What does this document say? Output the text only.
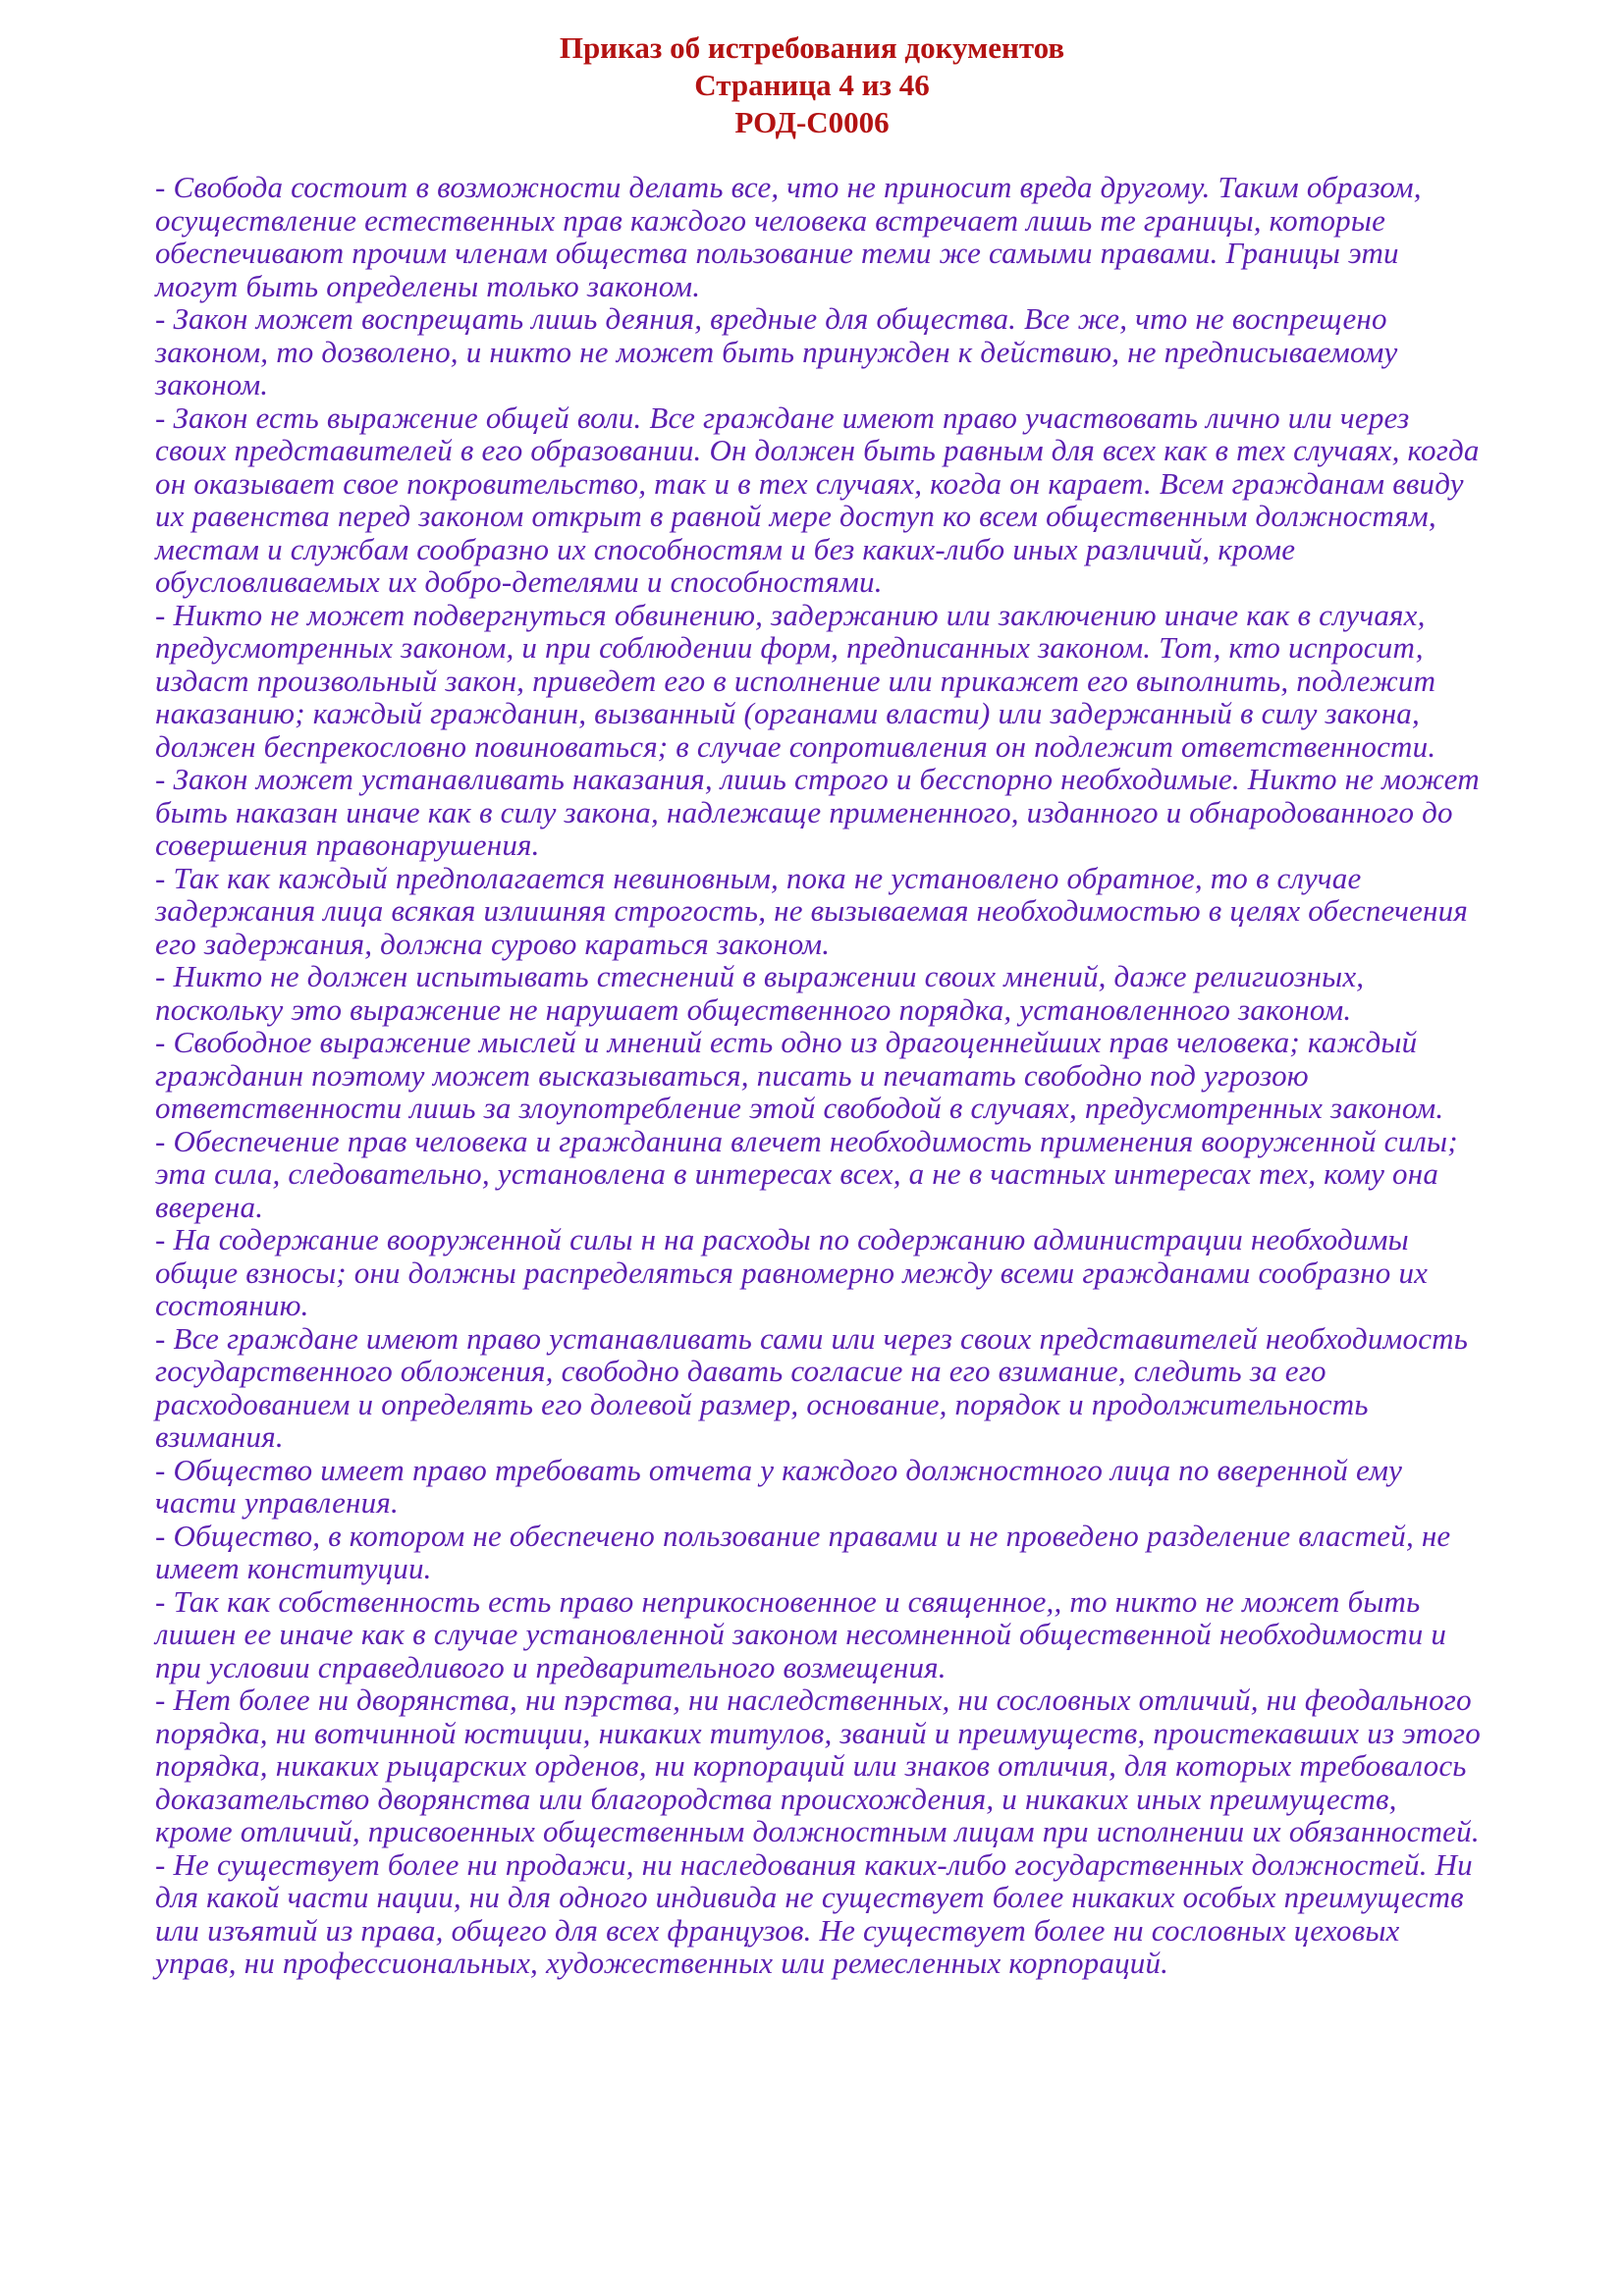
Приказ об истребования документов
Страница 4 из 46
РОД-С0006
- Свобода состоит в возможности делать все, что не приносит вреда другому. Таким образом, осуществление естественных прав каждого человека встречает лишь те границы, которые обеспечивают прочим членам общества пользование теми же самыми правами. Границы эти могут быть определены только законом.
- Закон может воспрещать лишь деяния, вредные для общества. Все же, что не воспрещено законом, то дозволено, и никто не может быть принужден к действию, не предписываемому законом.
- Закон есть выражение общей воли. Все граждане имеют право участвовать лично или через своих представителей в его образовании. Он должен быть равным для всех как в тех случаях, когда он оказывает свое покровительство, так и в тех случаях, когда он карает. Всем гражданам ввиду их равенства перед законом открыт в равной мере доступ ко всем общественным должностям, местам и службам сообразно их способностям и без каких-либо иных различий, кроме обусловливаемых их добро-детелями и способностями.
- Никто не может подвергнуться обвинению, задержанию или заключению иначе как в случаях, предусмотренных законом, и при соблюдении форм, предписанных законом. Тот, кто испросит, издаст произвольный закон, приведет его в исполнение или прикажет его выполнить, подлежит наказанию; каждый гражданин, вызванный (органами власти) или задержанный в силу закона, должен беспрекословно повиноваться; в случае сопротивления он подлежит ответственности.
- Закон может устанавливать наказания, лишь строго и бесспорно необходимые. Никто не может быть наказан иначе как в силу закона, надлежаще примененного, изданного и обнародованного до совершения правонарушения.
- Так как каждый предполагается невиновным, пока не установлено обратное, то в случае задержания лица всякая излишняя строгость, не вызываемая необходимостью в целях обеспечения его задержания, должна сурово караться законом.
- Никто не должен испытывать стеснений в выражении своих мнений, даже религиозных, поскольку это выражение не нарушает общественного порядка, установленного законом.
- Свободное выражение мыслей и мнений есть одно из драгоценнейших прав человека; каждый гражданин поэтому может высказываться, писать и печатать свободно под угрозою ответственности лишь за злоупотребление этой свободой в случаях, предусмотренных законом.
- Обеспечение прав человека и гражданина влечет необходимость применения вооруженной силы; эта сила, следовательно, установлена в интересах всех, а не в частных интересах тех, кому она вверена.
- На содержание вооруженной силы н на расходы по содержанию администрации необходимы общие взносы; они должны распределяться равномерно между всеми гражданами сообразно их состоянию.
- Все граждане имеют право устанавливать сами или через своих представителей необходимость государственного обложения, свободно давать согласие на его взимание, следить за его расходованием и определять его долевой размер, основание, порядок и продолжительность взимания.
- Общество имеет право требовать отчета у каждого должностного лица по вверенной ему части управления.
- Общество, в котором не обеспечено пользование правами и не проведено разделение властей, не имеет конституции.
- Так как собственность есть право неприкосновенное и священное,, то никто не может быть лишен ее иначе как в случае установленной законом несомненной общественной необходимости и при условии справедливого и предварительного возмещения.
- Нет более ни дворянства, ни пэрства, ни наследственных, ни сословных отличий, ни феодального порядка, ни вотчинной юстиции, никаких титулов, званий и преимуществ, проистекавших из этого порядка, никаких рыцарских орденов, ни корпораций или знаков отличия, для которых требовалось доказательство дворянства или благородства происхождения, и никаких иных преимуществ, кроме отличий, присвоенных общественным должностным лицам при исполнении их обязанностей.
- Не существует более ни продажи, ни наследования каких-либо государственных должностей. Ни для какой части нации, ни для одного индивида не существует более никаких особых преимуществ или изъятий из права, общего для всех французов. Не существует более ни сословных цеховых управ, ни профессиональных, художественных или ремесленных корпораций.
